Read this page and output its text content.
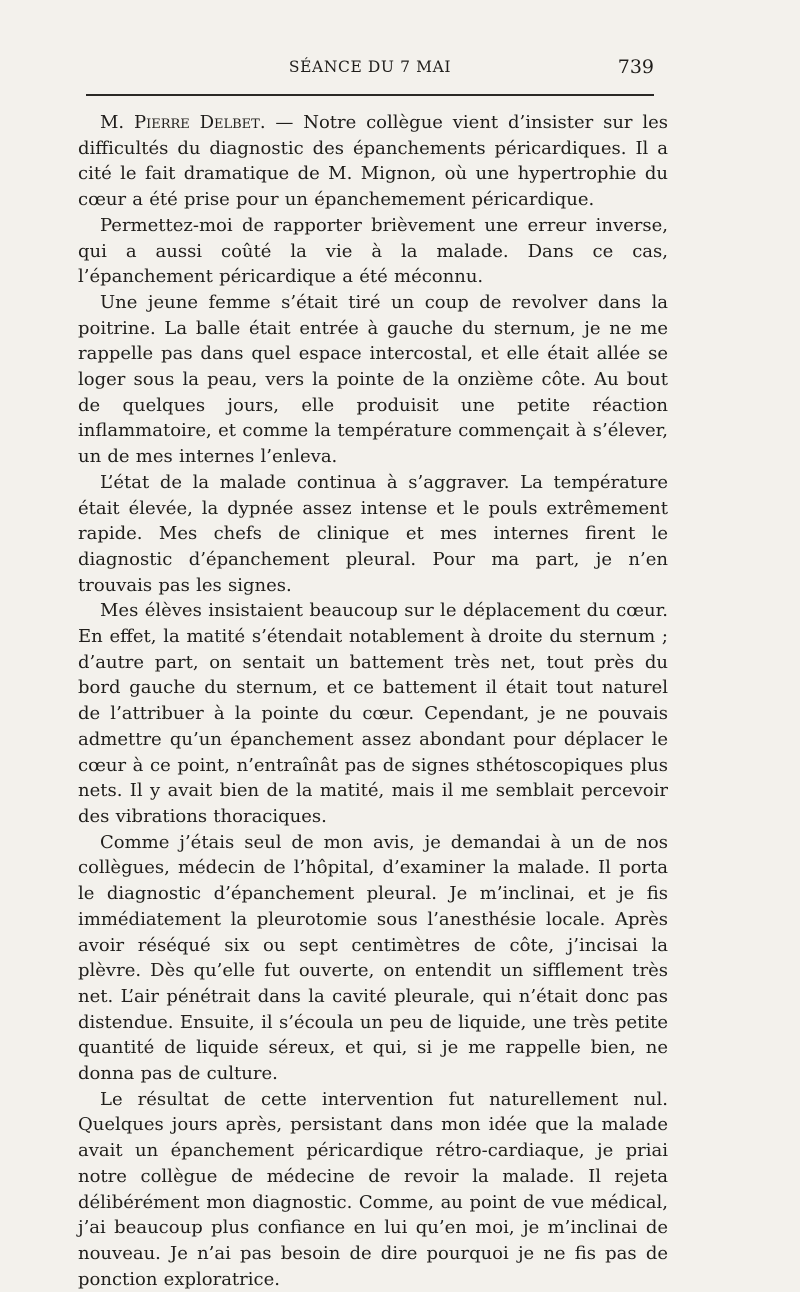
SÉANCE DU 7 MAI	739

M. Pierre Delbet. — Notre collègue vient d’insister sur les difficultés du diagnostic des épanchements péricardiques. Il a cité le fait dramatique de M. Mignon, où une hypertrophie du cœur a été prise pour un épanchemement péricardique.

Permettez-moi de rapporter brièvement une erreur inverse, qui a aussi coûté la vie à la malade. Dans ce cas, l’épanchement péricardique a été méconnu.

Une jeune femme s’était tiré un coup de revolver dans la poitrine. La balle était entrée à gauche du sternum, je ne me rappelle pas dans quel espace intercostal, et elle était allée se loger sous la peau, vers la pointe de la onzième côte. Au bout de quelques jours, elle produisit une petite réaction inflammatoire, et comme la température commençait à s’élever, un de mes internes l’enleva.

L’état de la malade continua à s’aggraver. La température était élevée, la dypnée assez intense et le pouls extrêmement rapide. Mes chefs de clinique et mes internes firent le diagnostic d’épanchement pleural. Pour ma part, je n’en trouvais pas les signes.

Mes élèves insistaient beaucoup sur le déplacement du cœur. En effet, la matité s’étendait notablement à droite du sternum ; d’autre part, on sentait un battement très net, tout près du bord gauche du sternum, et ce battement il était tout naturel de l’attribuer à la pointe du cœur. Cependant, je ne pouvais admettre qu’un épanchement assez abondant pour déplacer le cœur à ce point, n’entraînât pas de signes sthétoscopiques plus nets. Il y avait bien de la matité, mais il me semblait percevoir des vibrations thoraciques.

Comme j’étais seul de mon avis, je demandai à un de nos collègues, médecin de l’hôpital, d’examiner la malade. Il porta le diagnostic d’épanchement pleural. Je m’inclinai, et je fis immédiatement la pleurotomie sous l’anesthésie locale. Après avoir réséqué six ou sept centimètres de côte, j’incisai la plèvre. Dès qu’elle fut ouverte, on entendit un sifflement très net. L’air pénétrait dans la cavité pleurale, qui n’était donc pas distendue. Ensuite, il s’écoula un peu de liquide, une très petite quantité de liquide séreux, et qui, si je me rappelle bien, ne donna pas de culture.

Le résultat de cette intervention fut naturellement nul. Quelques jours après, persistant dans mon idée que la malade avait un épanchement péricardique rétro-cardiaque, je priai notre collègue de médecine de revoir la malade. Il rejeta délibérément mon diagnostic. Comme, au point de vue médical, j’ai beaucoup plus confiance en lui qu’en moi, je m’inclinai de nouveau. Je n’ai pas besoin de dire pourquoi je ne fis pas de ponction exploratrice.
